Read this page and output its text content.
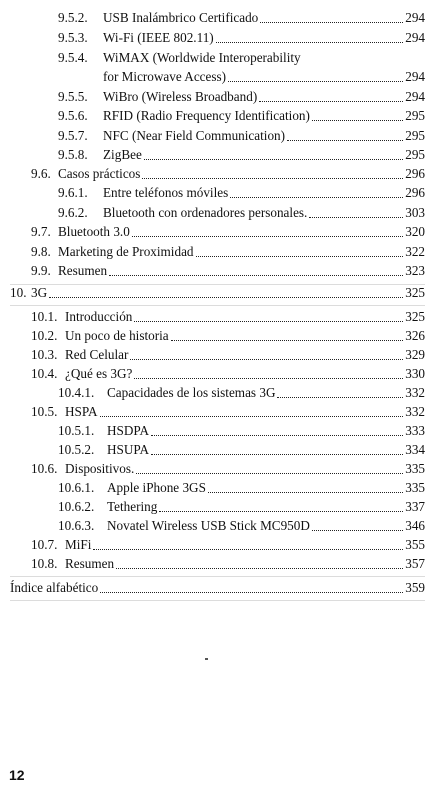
9.5.2.	USB Inalámbrico Certificado	294
9.5.3.	Wi-Fi (IEEE 802.11)	294
9.5.4. WiMAX (Worldwide Interoperability
for Microwave Access)	294
9.5.5.	WiBro (Wireless Broadband)	294
9.5.6.	RFID (Radio Frequency Identification)	295
9.5.7.	NFC (Near Field Communication)	295
9.5.8.	ZigBee	295
9.6. Casos prácticos	296
9.6.1.	Entre teléfonos móviles	296
9.6.2.	Bluetooth con ordenadores personales.	303
9.7. Bluetooth 3.0	320
9.8. Marketing de Proximidad	322
9.9. Resumen	323
10. 3G	325
10.1. Introducción	325
10.2. Un poco de historia	326
10.3. Red Celular	329
10.4. ¿Qué es 3G?	330
10.4.1. Capacidades de los sistemas 3G	332
10.5. HSPA	332
10.5.1. HSDPA	333
10.5.2. HSUPA	334
10.6. Dispositivos.	335
10.6.1. Apple iPhone 3GS	335
10.6.2. Tethering	337
10.6.3. Novatel Wireless USB Stick MC950D	346
10.7. MiFi	355
10.8. Resumen	357
Índice alfabético	359
12
